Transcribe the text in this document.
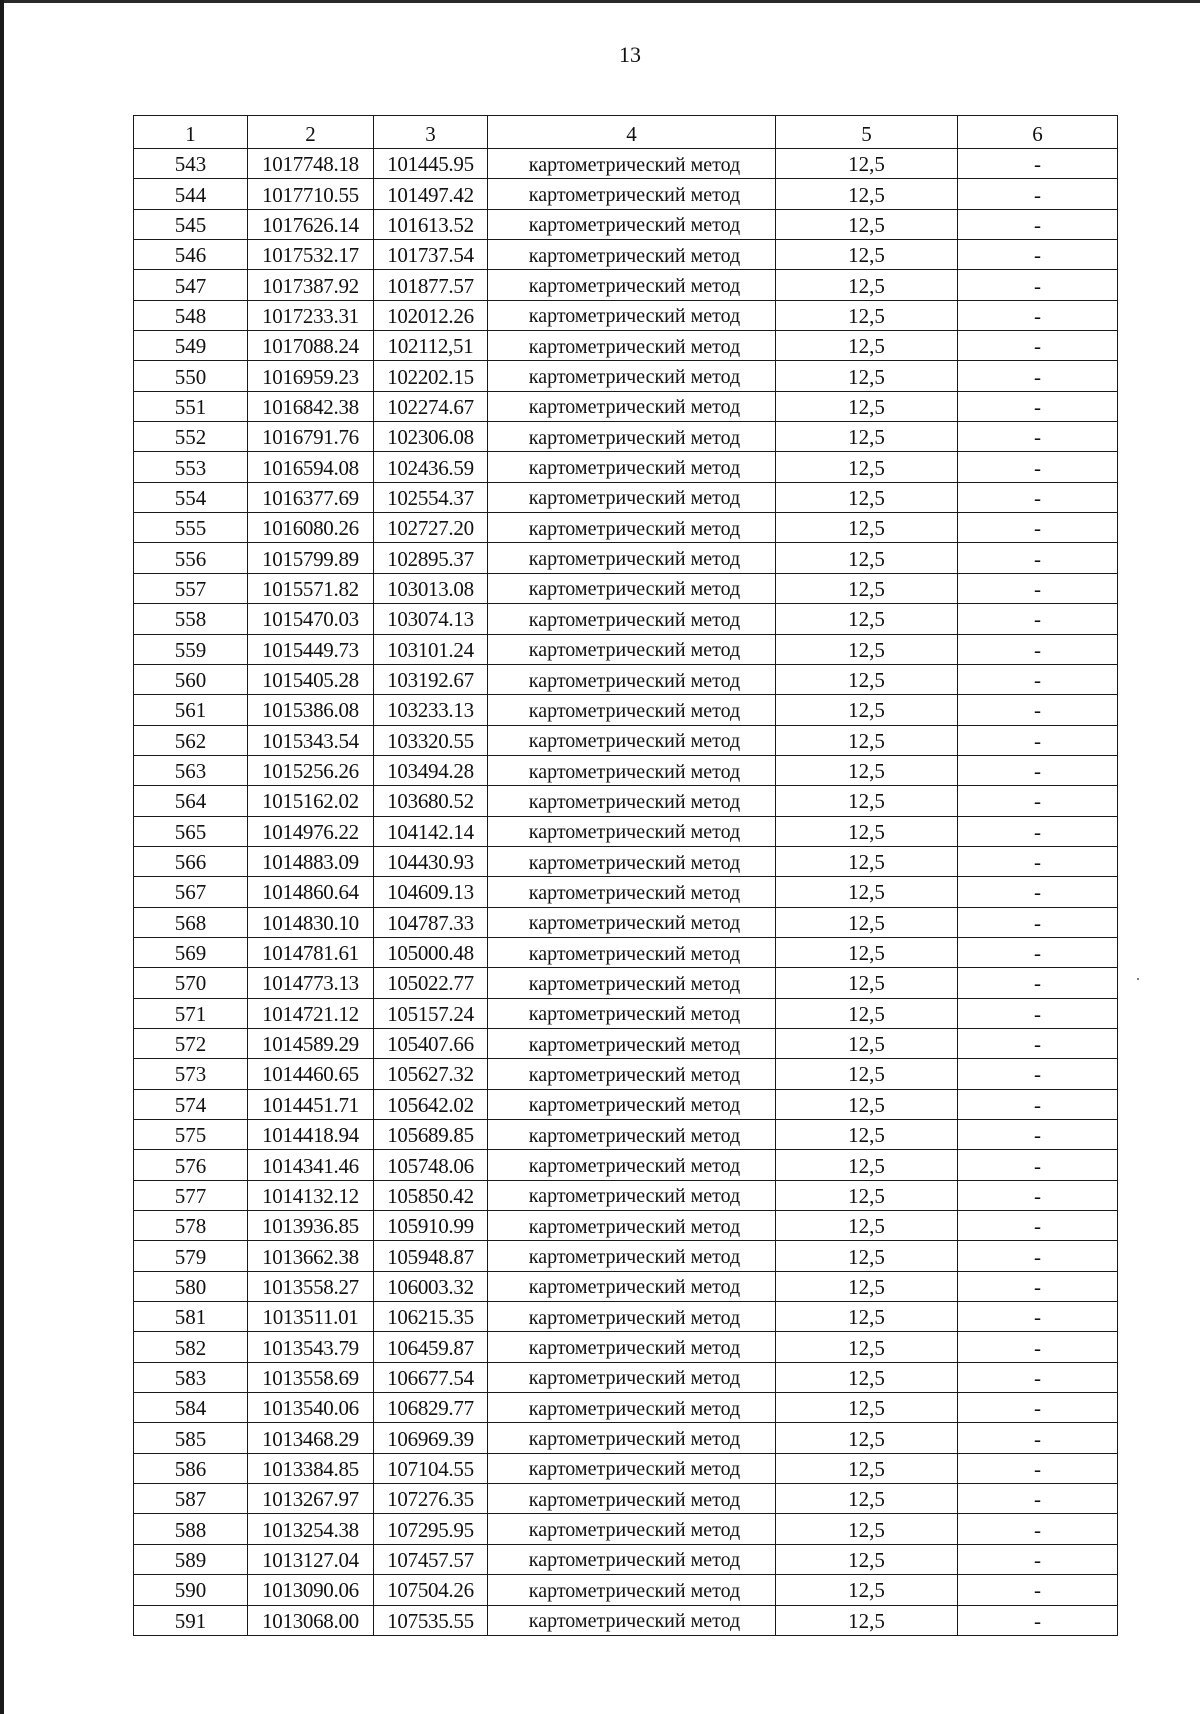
13
1	2	3	4	5	6
543	1017748.18	101445.95	картометрический метод	12,5	-
544	1017710.55	101497.42	картометрический метод	12,5	-
545	1017626.14	101613.52	картометрический метод	12,5	-
546	1017532.17	101737.54	картометрический метод	12,5	-
547	1017387.92	101877.57	картометрический метод	12,5	-
548	1017233.31	102012.26	картометрический метод	12,5	-
549	1017088.24	102112,51	картометрический метод	12,5	-
550	1016959.23	102202.15	картометрический метод	12,5	-
551	1016842.38	102274.67	картометрический метод	12,5	-
552	1016791.76	102306.08	картометрический метод	12,5	-
553	1016594.08	102436.59	картометрический метод	12,5	-
554	1016377.69	102554.37	картометрический метод	12,5	-
555	1016080.26	102727.20	картометрический метод	12,5	-
556	1015799.89	102895.37	картометрический метод	12,5	-
557	1015571.82	103013.08	картометрический метод	12,5	-
558	1015470.03	103074.13	картометрический метод	12,5	-
559	1015449.73	103101.24	картометрический метод	12,5	-
560	1015405.28	103192.67	картометрический метод	12,5	-
561	1015386.08	103233.13	картометрический метод	12,5	-
562	1015343.54	103320.55	картометрический метод	12,5	-
563	1015256.26	103494.28	картометрический метод	12,5	-
564	1015162.02	103680.52	картометрический метод	12,5	-
565	1014976.22	104142.14	картометрический метод	12,5	-
566	1014883.09	104430.93	картометрический метод	12,5	-
567	1014860.64	104609.13	картометрический метод	12,5	-
568	1014830.10	104787.33	картометрический метод	12,5	-
569	1014781.61	105000.48	картометрический метод	12,5	-
570	1014773.13	105022.77	картометрический метод	12,5	-
571	1014721.12	105157.24	картометрический метод	12,5	-
572	1014589.29	105407.66	картометрический метод	12,5	-
573	1014460.65	105627.32	картометрический метод	12,5	-
574	1014451.71	105642.02	картометрический метод	12,5	-
575	1014418.94	105689.85	картометрический метод	12,5	-
576	1014341.46	105748.06	картометрический метод	12,5	-
577	1014132.12	105850.42	картометрический метод	12,5	-
578	1013936.85	105910.99	картометрический метод	12,5	-
579	1013662.38	105948.87	картометрический метод	12,5	-
580	1013558.27	106003.32	картометрический метод	12,5	-
581	1013511.01	106215.35	картометрический метод	12,5	-
582	1013543.79	106459.87	картометрический метод	12,5	-
583	1013558.69	106677.54	картометрический метод	12,5	-
584	1013540.06	106829.77	картометрический метод	12,5	-
585	1013468.29	106969.39	картометрический метод	12,5	-
586	1013384.85	107104.55	картометрический метод	12,5	-
587	1013267.97	107276.35	картометрический метод	12,5	-
588	1013254.38	107295.95	картометрический метод	12,5	-
589	1013127.04	107457.57	картометрический метод	12,5	-
590	1013090.06	107504.26	картометрический метод	12,5	-
591	1013068.00	107535.55	картометрический метод	12,5	-
